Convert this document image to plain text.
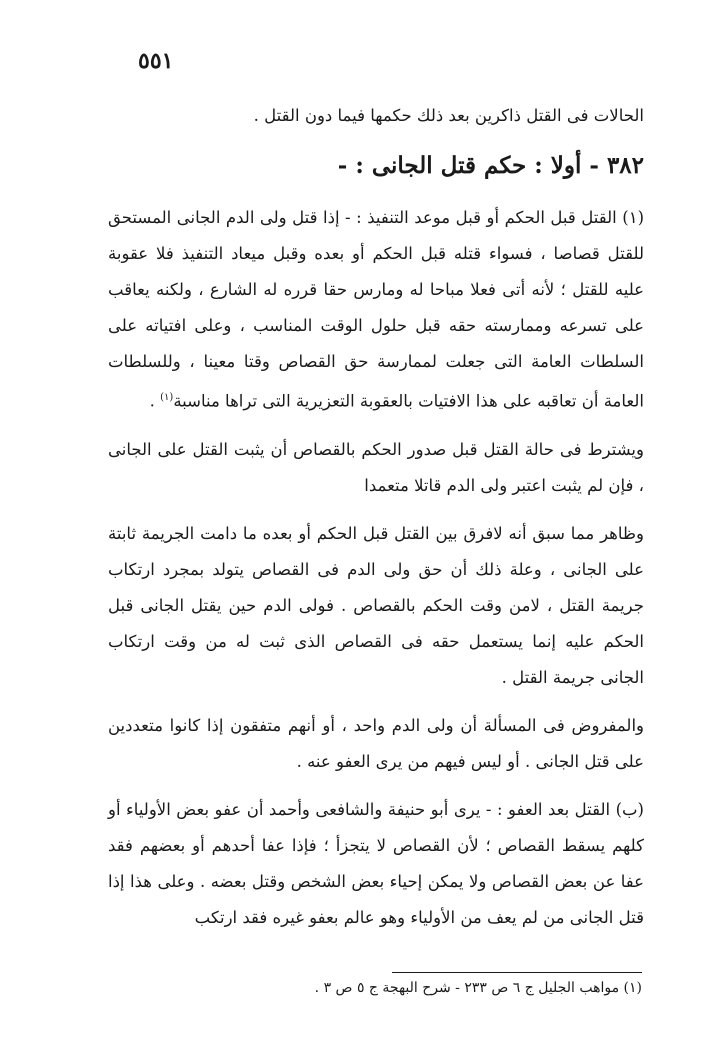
٥٥١

الحالات فى القتل ذاكرين بعد ذلك حكمها فيما دون القتل .

٣٨٢ - أولا : حكم قتل الجانى : -

(١) القتل قبل الحكم أو قبل موعد التنفيذ : - إذا قتل ولى الدم الجانى المستحق للقتل قصاصا ، فسواء قتله قبل الحكم أو بعده وقبل ميعاد التنفيذ فلا عقوبة عليه للقتل ؛ لأنه أتى فعلا مباحا له ومارس حقا قرره له الشارع ، ولكنه يعاقب على تسرعه وممارسته حقه قبل حلول الوقت المناسب ، وعلى افتياته على السلطات العامة التى جعلت لممارسة حق القصاص وقتا معينا ، وللسلطات العامة أن تعاقبه على هذا الافتيات بالعقوبة التعزيرية التى تراها مناسبة$^{(١)}$ .

ويشترط فى حالة القتل قبل صدور الحكم بالقصاص أن يثبت القتل على الجانى ، فإن لم يثبت اعتبر ولى الدم قاتلا متعمدا

وظاهر مما سبق أنه لافرق بين القتل قبل الحكم أو بعده ما دامت الجريمة ثابتة على الجانى ، وعلة ذلك أن حق ولى الدم فى القصاص يتولد بمجرد ارتكاب جريمة القتل ، لامن وقت الحكم بالقصاص . فولى الدم حين يقتل الجانى قبل الحكم عليه إنما يستعمل حقه فى القصاص الذى ثبت له من وقت ارتكاب الجانى جريمة القتل .

والمفروض فى المسألة أن ولى الدم واحد ، أو أنهم متفقون إذا كانوا متعددين على قتل الجانى . أو ليس فيهم من يرى العفو عنه .

(ب) القتل بعد العفو : - يرى أبو حنيفة والشافعى وأحمد أن عفو بعض الأولياء أو كلهم يسقط القصاص ؛ لأن القصاص لا يتجزأ ؛ فإذا عفا أحدهم أو بعضهم فقد عفا عن بعض القصاص ولا يمكن إحياء بعض الشخص وقتل بعضه . وعلى هذا إذا قتل الجانى من لم يعف من الأولياء وهو عالم بعفو غيره فقد ارتكب

(١) مواهب الجليل ج ٦ ص ٢٣٣ - شرح البهجة ج ٥ ص ٣ .
